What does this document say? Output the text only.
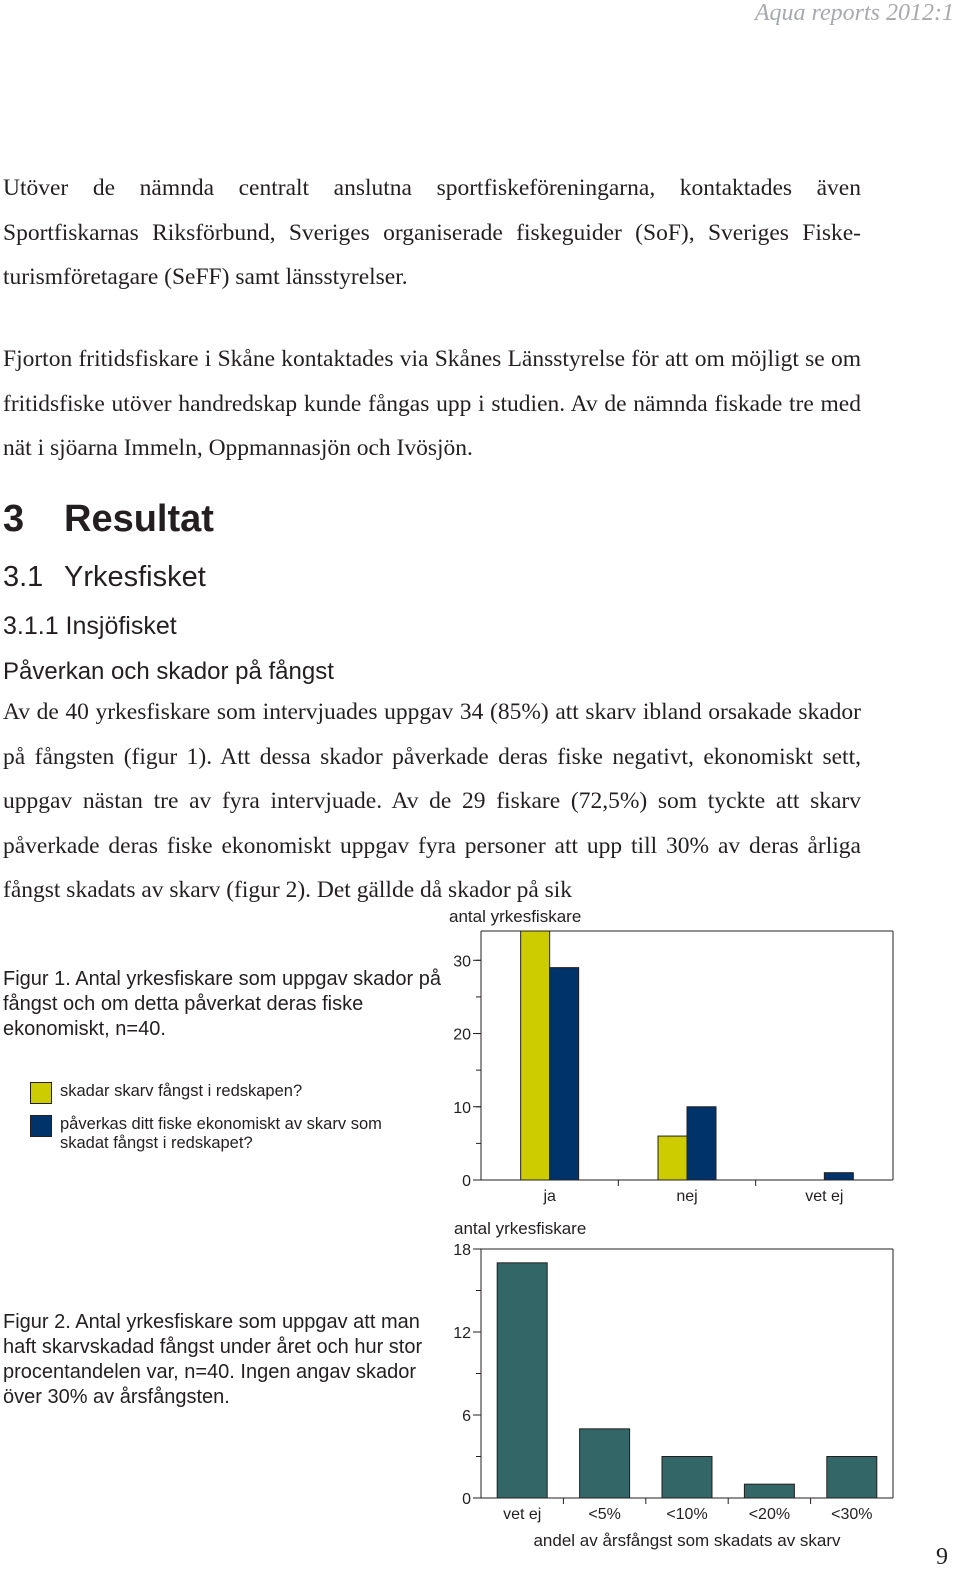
Aqua reports 2012:1

Utöver de nämnda centralt anslutna sportfiskeföreningarna, kontaktades även Sportfiskarnas Riksförbund, Sveriges organiserade fiskeguider (SoF), Sveriges Fisketurismföretagare (SeFF) samt länsstyrelser.

Fjorton fritidsfiskare i Skåne kontaktades via Skånes Länsstyrelse för att om möjligt se om fritidsfiske utöver handredskap kunde fångas upp i studien. Av de nämnda fiskade tre med nät i sjöarna Immeln, Oppmannasjön och Ivösjön.

3 Resultat
3.1 Yrkesfisket
3.1.1 Insjöfisket
Påverkan och skador på fångst

Av de 40 yrkesfiskare som intervjuades uppgav 34 (85%) att skarv ibland orsakade skador på fångsten (figur 1). Att dessa skador påverkade deras fiske negativt, ekonomiskt sett, uppgav nästan tre av fyra intervjuade. Av de 29 fiskare (72,5%) som tyckte att skarv påverkade deras fiske ekonomiskt uppgav fyra personer att upp till 30% av deras årliga fångst skadats av skarv (figur 2). Det gällde då skador på sik

Figur 1. Antal yrkesfiskare som uppgav skador på fångst och om detta påverkat deras fiske ekonomiskt, n=40.

skadar skarv fångst i redskapen?
påverkas ditt fiske ekonomiskt av skarv som skadat fångst i redskapet?
0
10
20
30
antal yrkesfiskare
ja	nej	vet ej
0
6
12
18
antal yrkesfiskare
vet ej	<5%	<10%	<20%	<30%
andel av årsfångst som skadats av skarv

Figur 2. Antal yrkesfiskare som uppgav att man haft skarvskadad fångst under året och hur stor procentandelen var, n=40. Ingen angav skador över 30% av årsfångsten.

9
